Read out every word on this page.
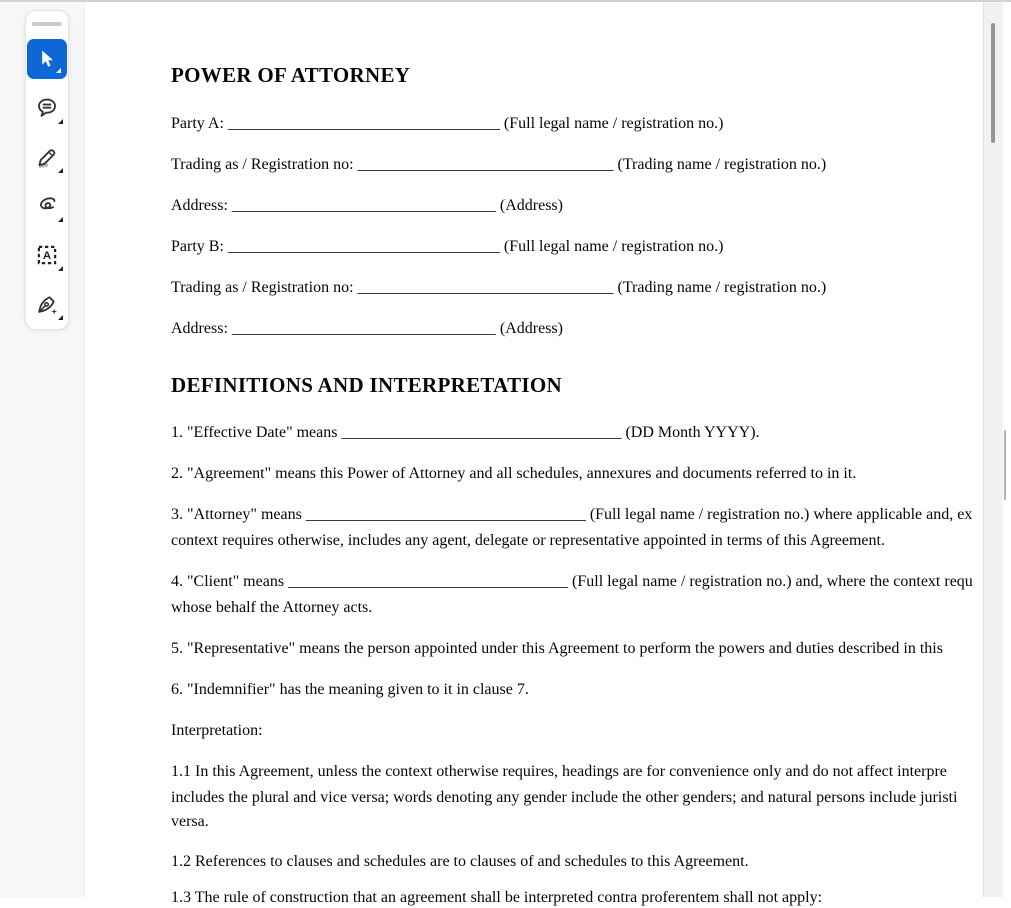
A
POWER OF ATTORNEY
Party A: __________________________________ (Full legal name / registration no.)
Trading as / Registration no: ________________________________ (Trading name / registration no.)
Address: _________________________________ (Address)
Party B: __________________________________ (Full legal name / registration no.)
Trading as / Registration no: ________________________________ (Trading name / registration no.)
Address: _________________________________ (Address)
DEFINITIONS AND INTERPRETATION
1. "Effective Date" means ___________________________________ (DD Month YYYY).
2. "Agreement" means this Power of Attorney and all schedules, annexures and documents referred to in it.
3. "Attorney" means ___________________________________ (Full legal name / registration no.) where applicable and, ex
context requires otherwise, includes any agent, delegate or representative appointed in terms of this Agreement.
4. "Client" means ___________________________________ (Full legal name / registration no.) and, where the context requ
whose behalf the Attorney acts.
5. "Representative" means the person appointed under this Agreement to perform the powers and duties described in this
6. "Indemnifier" has the meaning given to it in clause 7.
Interpretation:
1.1 In this Agreement, unless the context otherwise requires, headings are for convenience only and do not affect interpre
includes the plural and vice versa; words denoting any gender include the other genders; and natural persons include juristi
versa.
1.2 References to clauses and schedules are to clauses of and schedules to this Agreement.
1.3 The rule of construction that an agreement shall be interpreted contra proferentem shall not apply:
